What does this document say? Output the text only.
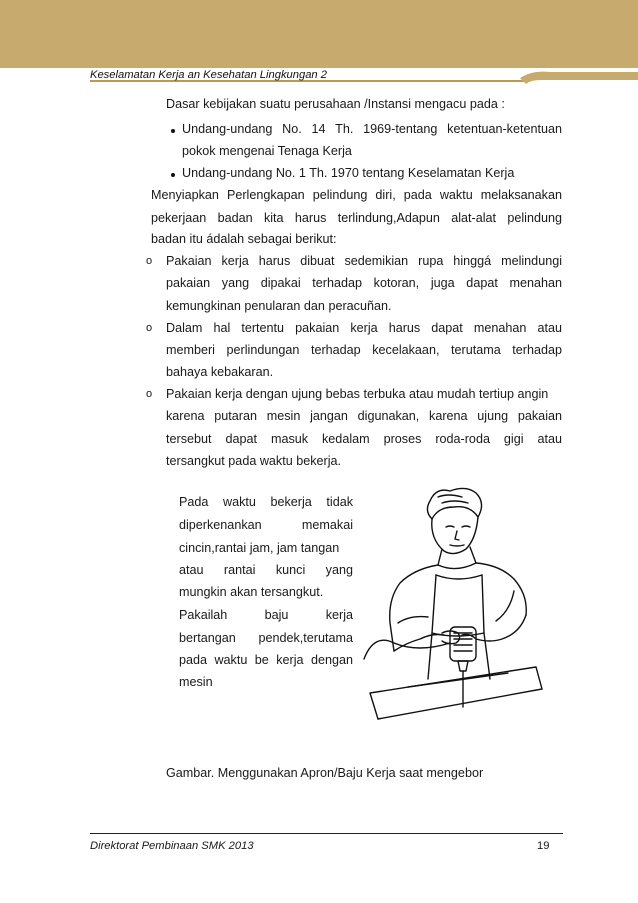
Keselamatan Kerja an Kesehatan Lingkungan 2
Dasar kebijakan suatu perusahaan /Instansi mengacu pada :
Undang-undang No. 14 Th. 1969-tentang ketentuan-ketentuan
pokok mengenai Tenaga Kerja
Undang-undang No. 1 Th. 1970 tentang Keselamatan Kerja
Menyiapkan Perlengkapan pelindung diri, pada waktu melaksanakan
pekerjaan badan kita harus terlindung,Adapun alat-alat pelindung
badan itu ádalah sebagai berikut:
o Pakaian kerja harus dibuat sedemikian rupa hinggá melindungi
pakaian yang dipakai terhadap kotoran, juga dapat menahan
kemungkinan penularan dan peracuñan.
o Dalam hal tertentu pakaian kerja harus dapat menahan atau
memberi perlindungan terhadap kecelakaan, terutama terhadap
bahaya kebakaran.
o Pakaian kerja dengan ujung bebas terbuka atau mudah tertiup angin
karena putaran mesin jangan digunakan, karena ujung pakaian
tersebut dapat masuk kedalam proses roda-roda gigi atau
tersangkut pada waktu bekerja.
Pada waktu bekerja tidak
diperkenankan memakai
cincin,rantai jam, jam tangan
atau rantai kunci yang
mungkin akan tersangkut.
Pakailah baju kerja
bertangan pendek,terutama
pada waktu be kerja dengan
mesin
Gambar. Menggunakan Apron/Baju Kerja saat mengebor
Direktorat Pembinaan SMK 2013	19
